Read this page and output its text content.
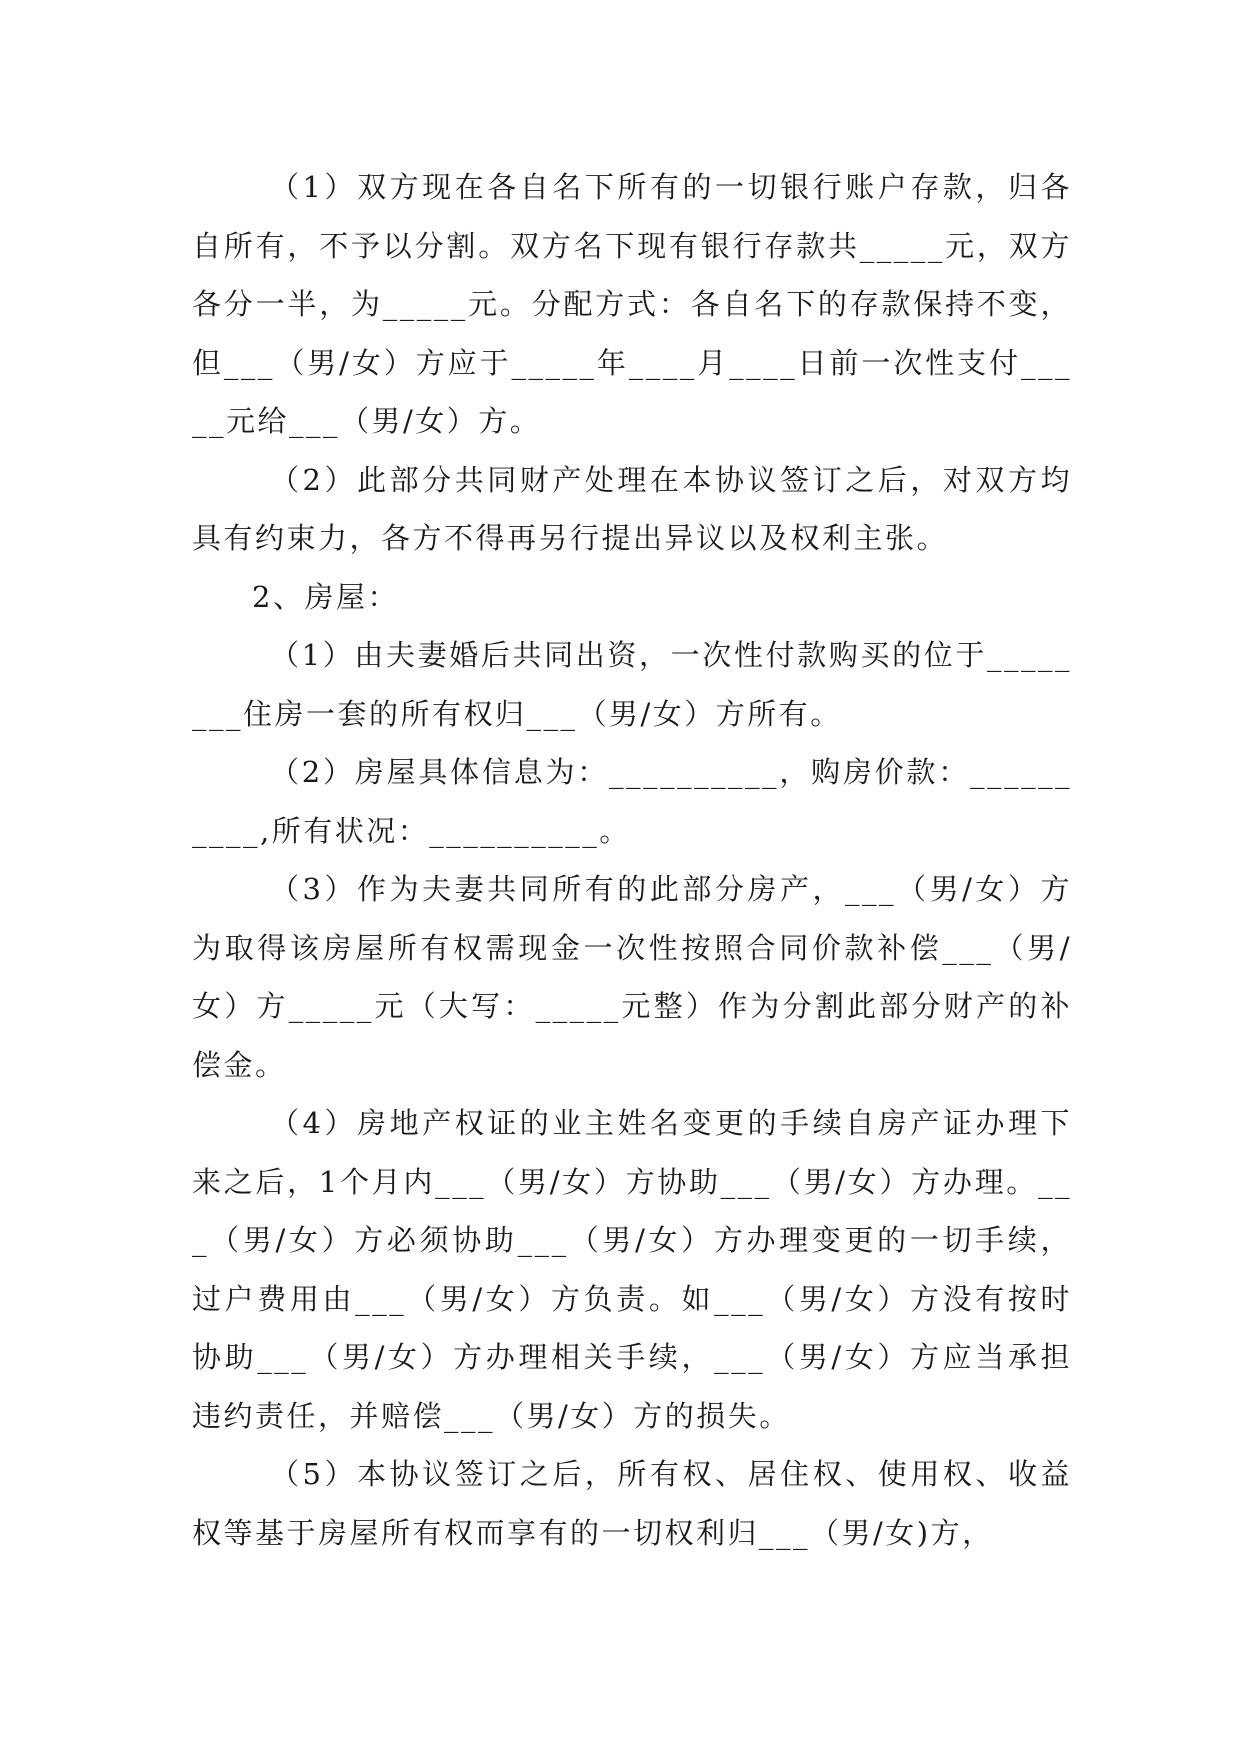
（1）双方现在各自名下所有的一切银行账户存款，归各自所有，不予以分割。双方名下现有银行存款共_____元，双方各分一半，为_____元。分配方式：各自名下的存款保持不变，但___（男/女）方应于_____年____月____日前一次性支付_____元给___（男/女）方。

（2）此部分共同财产处理在本协议签订之后，对双方均具有约束力，各方不得再另行提出异议以及权利主张。

2、房屋：

（1）由夫妻婚后共同出资，一次性付款购买的位于________住房一套的所有权归___（男/女）方所有。

（2）房屋具体信息为：__________，购房价款：__________,所有状况：__________。

（3）作为夫妻共同所有的此部分房产，___（男/女）方为取得该房屋所有权需现金一次性按照合同价款补偿___（男/女）方_____元（大写：_____元整）作为分割此部分财产的补偿金。

（4）房地产权证的业主姓名变更的手续自房产证办理下来之后，1个月内___（男/女）方协助___（男/女）方办理。___（男/女）方必须协助___（男/女）方办理变更的一切手续，过户费用由___（男/女）方负责。如___（男/女）方没有按时协助___（男/女）方办理相关手续，___（男/女）方应当承担违约责任，并赔偿___（男/女）方的损失。

（5）本协议签订之后，所有权、居住权、使用权、收益权等基于房屋所有权而享有的一切权利归___（男/女)方，
